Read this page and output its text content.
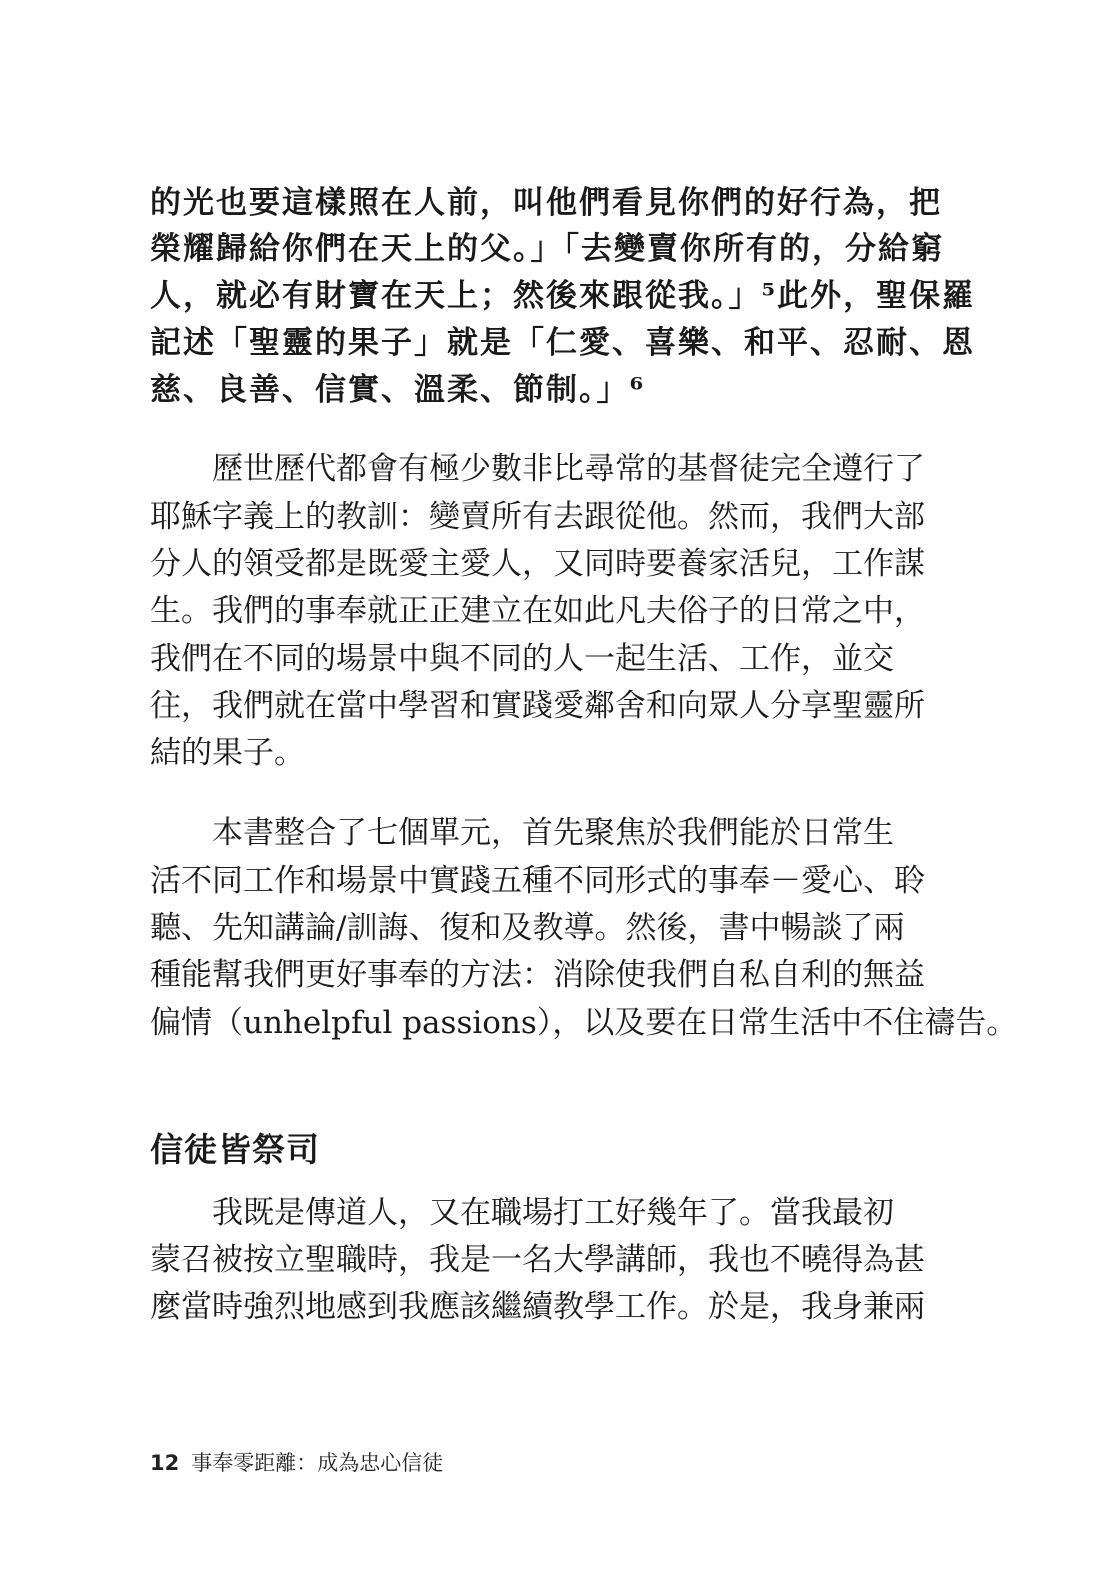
的光也要這樣照在人前，叫他們看見你們的好行為，把
榮耀歸給你們在天上的父。」「去變賣你所有的，分給窮
人，就必有財寶在天上；然後來跟從我。」⁵此外，聖保羅
記述「聖靈的果子」就是「仁愛、喜樂、和平、忍耐、恩
慈、良善、信實、溫柔、節制。」⁶
歷世歷代都會有極少數非比尋常的基督徒完全遵行了
耶穌字義上的教訓：變賣所有去跟從他。然而，我們大部
分人的領受都是既愛主愛人，又同時要養家活兒，工作謀
生。我們的事奉就正正建立在如此凡夫俗子的日常之中，
我們在不同的場景中與不同的人一起生活、工作，並交
往，我們就在當中學習和實踐愛鄰舍和向眾人分享聖靈所
結的果子。
本書整合了七個單元，首先聚焦於我們能於日常生
活不同工作和場景中實踐五種不同形式的事奉－愛心、聆
聽、先知講論/訓誨、復和及教導。然後，書中暢談了兩
種能幫我們更好事奉的方法：消除使我們自私自利的無益
偏情（unhelpful passions），以及要在日常生活中不住禱告。
信徒皆祭司
我既是傳道人，又在職場打工好幾年了。當我最初
蒙召被按立聖職時，我是一名大學講師，我也不曉得為甚
麼當時強烈地感到我應該繼續教學工作。於是，我身兼兩
12 事奉零距離：成為忠心信徒
